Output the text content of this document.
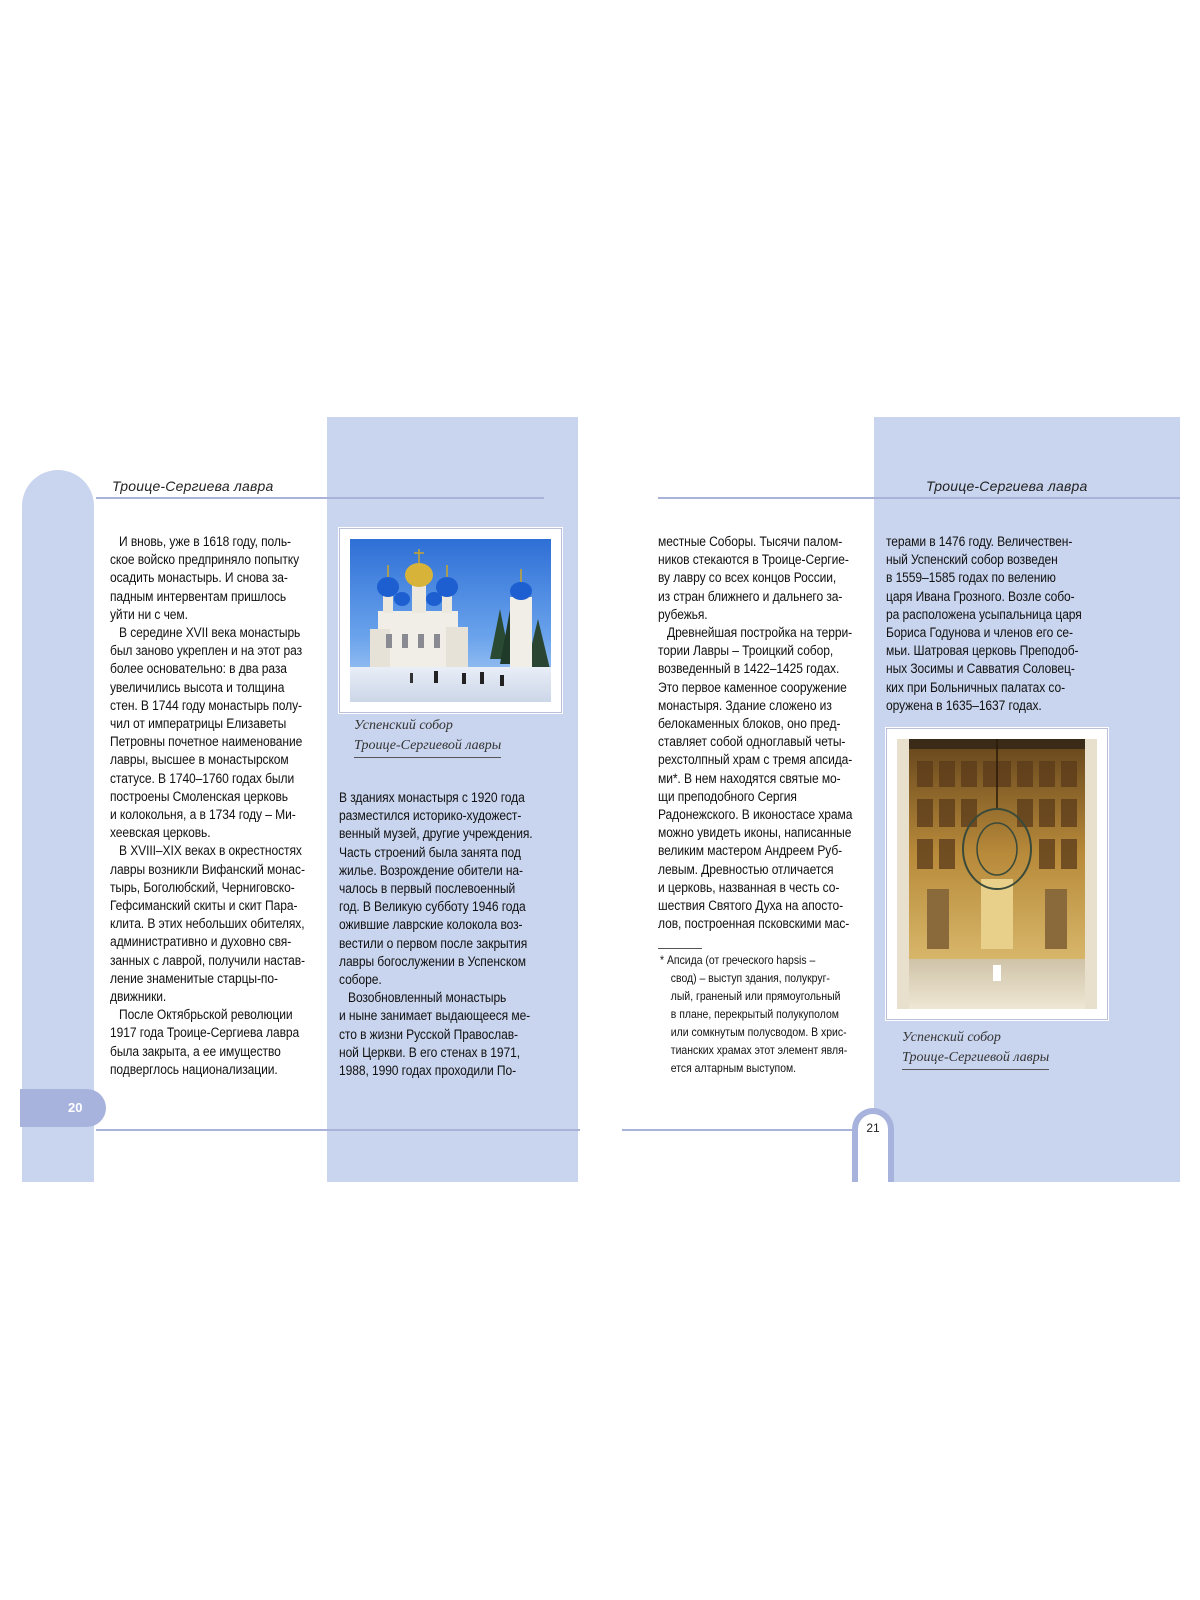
Троице-Сергиева лавра
20
И вновь, уже в 1618 году, поль-
ское войско предприняло попытку
осадить монастырь. И снова за-
падным интервентам пришлось
уйти ни с чем.
В середине XVII века монастырь
был заново укреплен и на этот раз
более основательно: в два раза
увеличились высота и толщина
стен. В 1744 году монастырь полу-
чил от императрицы Елизаветы
Петровны почетное наименование
лавры, высшее в монастырском
статусе. В 1740–1760 годах были
построены Смоленская церковь
и колокольня, а в 1734 году – Ми-
хеевская церковь.
В XVIII–XIX веках в окрестностях
лавры возникли Вифанский монас-
тырь, Боголюбский, Черниговско-
Гефсиманский скиты и скит Пара-
клита. В этих небольших обителях,
административно и духовно свя-
занных с лаврой, получили настав-
ление знаменитые старцы-по-
движники.
После Октябрьской революции
1917 года Троице-Сергиева лавра
была закрыта, а ее имущество
подверглось национализации.
Успенский собор
Троице-Сергиевой лавры
В зданиях монастыря с 1920 года
разместился историко-художест-
венный музей, другие учреждения.
Часть строений была занята под
жилье. Возрождение обители на-
чалось в первый послевоенный
год. В Великую субботу 1946 года
ожившие лаврские колокола воз-
вестили о первом после закрытия
лавры богослужении в Успенском
соборе.
Возобновленный монастырь
и ныне занимает выдающееся ме-
сто в жизни Русской Православ-
ной Церкви. В его стенах в 1971,
1988, 1990 годах проходили По-
Троице-Сергиева лавра
21
местные Соборы. Тысячи палом-
ников стекаются в Троице-Сергие-
ву лавру со всех концов России,
из стран ближнего и дальнего за-
рубежья.
Древнейшая постройка на терри-
тории Лавры – Троицкий собор,
возведенный в 1422–1425 годах.
Это первое каменное сооружение
монастыря. Здание сложено из
белокаменных блоков, оно пред-
ставляет собой одноглавый четы-
рехстолпный храм с тремя апсида-
ми*. В нем находятся святые мо-
щи преподобного Сергия
Радонежского. В иконостасе храма
можно увидеть иконы, написанные
великим мастером Андреем Руб-
левым. Древностью отличается
и церковь, названная в честь со-
шествия Святого Духа на апосто-
лов, построенная псковскими мас-
* Апсида (от греческого hapsis –
свод) – выступ здания, полукруг-
лый, граненый или прямоугольный
в плане, перекрытый полукуполом
или сомкнутым полусводом. В хрис-
тианских храмах этот элемент явля-
ется алтарным выступом.
терами в 1476 году. Величествен-
ный Успенский собор возведен
в 1559–1585 годах по велению
царя Ивана Грозного. Возле собо-
ра расположена усыпальница царя
Бориса Годунова и членов его се-
мьи. Шатровая церковь Преподоб-
ных Зосимы и Савватия Соловец-
ких при Больничных палатах со-
оружена в 1635–1637 годах.
Успенский собор
Троице-Сергиевой лавры
